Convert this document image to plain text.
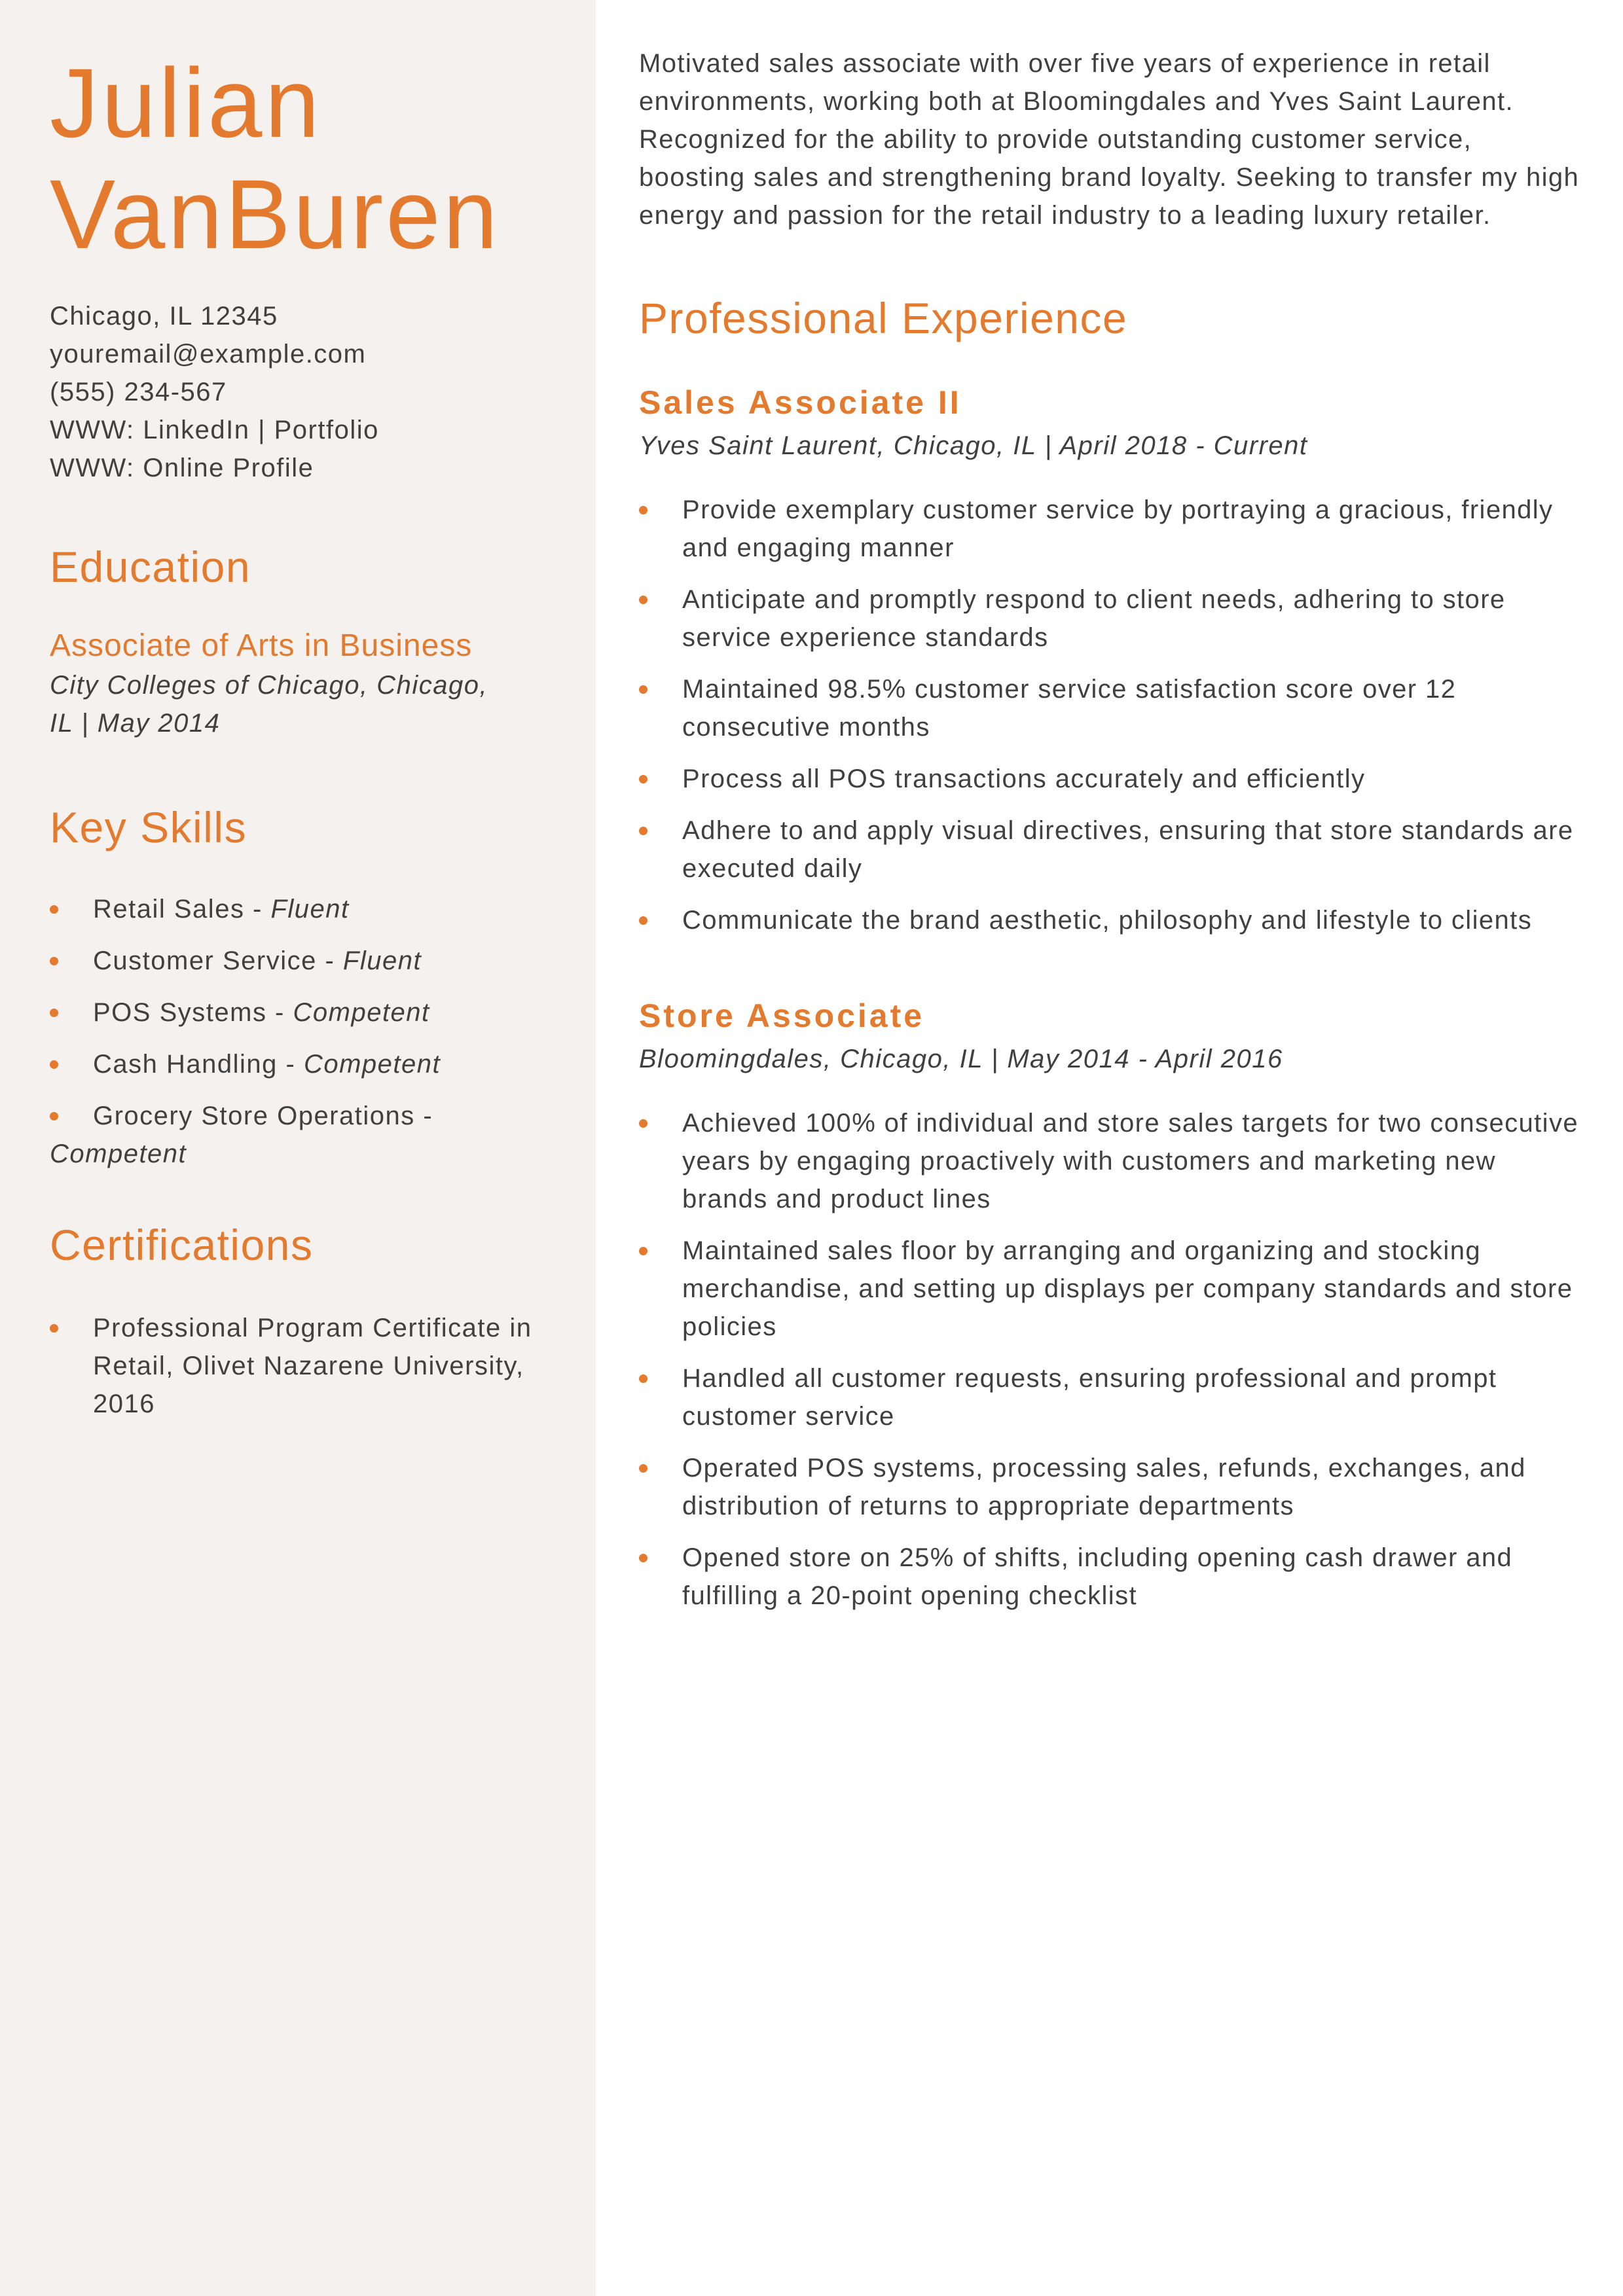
Julian
VanBuren
Chicago, IL 12345
youremail@example.com
(555) 234-567
WWW: LinkedIn | Portfolio
WWW: Online Profile
Education
Associate of Arts in Business
City Colleges of Chicago, Chicago,
IL | May 2014
Key Skills
Retail Sales - Fluent
Customer Service - Fluent
POS Systems - Competent
Cash Handling - Competent
Grocery Store Operations - Competent
Certifications
Professional Program Certificate in Retail, Olivet Nazarene University, 2016

Motivated sales associate with over five years of experience in retail environments, working both at Bloomingdales and Yves Saint Laurent. Recognized for the ability to provide outstanding customer service, boosting sales and strengthening brand loyalty. Seeking to transfer my high energy and passion for the retail industry to a leading luxury retailer.

Professional Experience
Sales Associate II
Yves Saint Laurent, Chicago, IL | April 2018 - Current
Provide exemplary customer service by portraying a gracious, friendly and engaging manner
Anticipate and promptly respond to client needs, adhering to store service experience standards
Maintained 98.5% customer service satisfaction score over 12 consecutive months
Process all POS transactions accurately and efficiently
Adhere to and apply visual directives, ensuring that store standards are executed daily
Communicate the brand aesthetic, philosophy and lifestyle to clients
Store Associate
Bloomingdales, Chicago, IL | May 2014 - April 2016
Achieved 100% of individual and store sales targets for two consecutive years by engaging proactively with customers and marketing new brands and product lines
Maintained sales floor by arranging and organizing and stocking merchandise, and setting up displays per company standards and store policies
Handled all customer requests, ensuring professional and prompt customer service
Operated POS systems, processing sales, refunds, exchanges, and distribution of returns to appropriate departments
Opened store on 25% of shifts, including opening cash drawer and fulfilling a 20-point opening checklist
